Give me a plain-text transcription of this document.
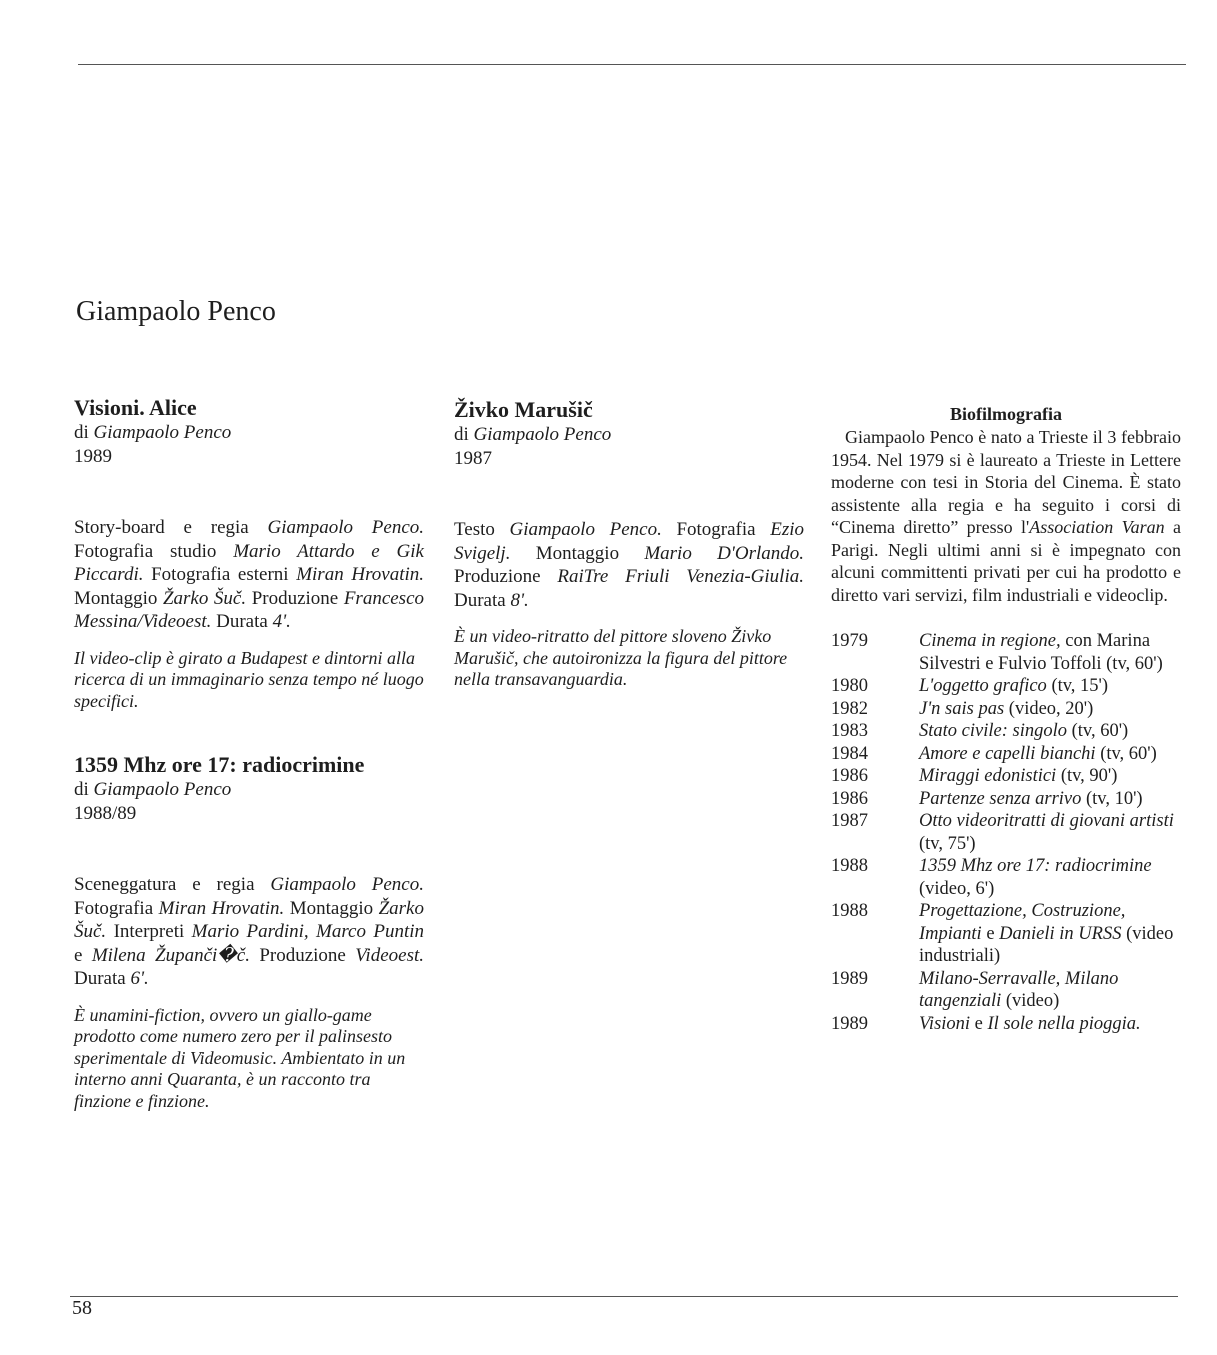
Giampaolo Penco
Visioni. Alice
di Giampaolo Penco
1989

Story-board e regia Giampaolo Penco. Fotografia studio Mario Attardo e Gik Piccardi. Fotografia esterni Miran Hrovatin. Montaggio Žarko Šuč. Produzione Francesco Messina/Videoest. Durata 4'.

Il video-clip è girato a Budapest e dintorni alla ricerca di un immaginario senza tempo né luogo specifici.

1359 Mhz ore 17: radiocrimine
di Giampaolo Penco
1988/89

Sceneggatura e regia Giampaolo Penco. Fotografia Miran Hrovatin. Montaggio Žarko Šuč. Interpreti Mario Pardini, Marco Puntin e Milena Županči�č. Produzione Videoest. Durata 6'.

È unamini-fiction, ovvero un giallo-game prodotto come numero zero per il palinsesto sperimentale di Videomusic. Ambientato in un interno anni Quaranta, è un racconto tra finzione e finzione.

Živko Marušič
di Giampaolo Penco
1987

Testo Giampaolo Penco. Fotografia Ezio Svigelj. Montaggio Mario D'Orlando. Produzione RaiTre Friuli Venezia-Giulia. Durata 8'.

È un video-ritratto del pittore sloveno Živko Marušič, che autoironizza la figura del pittore nella transavanguardia.

Biofilmografia

Giampaolo Penco è nato a Trieste il 3 febbraio 1954. Nel 1979 si è laureato a Trieste in Lettere moderne con tesi in Storia del Cinema. È stato assistente alla regia e ha seguito i corsi di “Cinema diretto” presso l'Association Varan a Parigi. Negli ultimi anni si è impegnato con alcuni committenti privati per cui ha prodotto e diretto vari servizi, film industriali e videoclip.

1979	Cinema in regione, con Marina Silvestri e Fulvio Toffoli (tv, 60')
1980	L'oggetto grafico (tv, 15')
1982	J'n sais pas (video, 20')
1983	Stato civile: singolo (tv, 60')
1984	Amore e capelli bianchi (tv, 60')
1986	Miraggi edonistici (tv, 90')
1986	Partenze senza arrivo (tv, 10')
1987	Otto videoritratti di giovani artisti (tv, 75')
1988	1359 Mhz ore 17: radiocrimine (video, 6')
1988	Progettazione, Costruzione, Impianti e Danieli in URSS (video industriali)
1989	Milano-Serravalle, Milano tangenziali (video)
1989	Visioni e Il sole nella pioggia.
58
